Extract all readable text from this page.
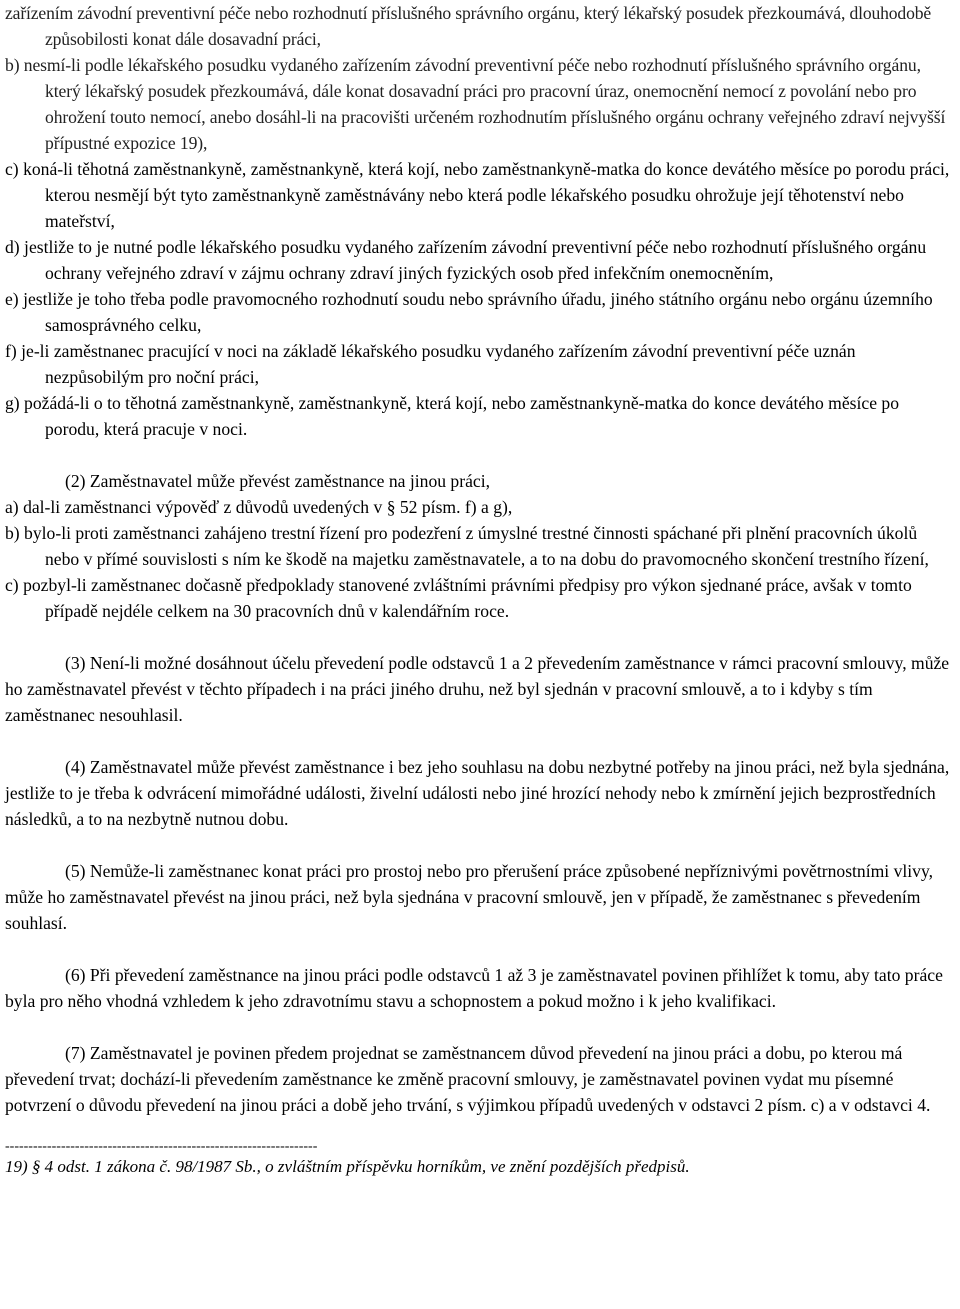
zařízením závodní preventivní péče nebo rozhodnutí příslušného správního orgánu, který lékařský posudek přezkoumává, dlouhodobě způsobilosti konat dále dosavadní práci,

b) nesmí-li podle lékařského posudku vydaného zařízením závodní preventivní péče nebo rozhodnutí příslušného správního orgánu, který lékařský posudek přezkoumává, dále konat dosavadní práci pro pracovní úraz, onemocnění nemocí z povolání nebo pro ohrožení touto nemocí, anebo dosáhl-li na pracovišti určeném rozhodnutím příslušného orgánu ochrany veřejného zdraví nejvyšší přípustné expozice 19),

c) koná-li těhotná zaměstnankyně, zaměstnankyně, která kojí, nebo zaměstnankyně-matka do konce devátého měsíce po porodu práci, kterou nesmějí být tyto zaměstnankyně zaměstnávány nebo která podle lékařského posudku ohrožuje její těhotenství nebo mateřství,

d) jestliže to je nutné podle lékařského posudku vydaného zařízením závodní preventivní péče nebo rozhodnutí příslušného orgánu ochrany veřejného zdraví v zájmu ochrany zdraví jiných fyzických osob před infekčním onemocněním,

e) jestliže je toho třeba podle pravomocného rozhodnutí soudu nebo správního úřadu, jiného státního orgánu nebo orgánu územního samosprávného celku,

f) je-li zaměstnanec pracující v noci na základě lékařského posudku vydaného zařízením závodní preventivní péče uznán nezpůsobilým pro noční práci,

g) požádá-li o to těhotná zaměstnankyně, zaměstnankyně, která kojí, nebo zaměstnankyně-matka do konce devátého měsíce po porodu, která pracuje v noci.

(2) Zaměstnavatel může převést zaměstnance na jinou práci,

a) dal-li zaměstnanci výpověď z důvodů uvedených v § 52 písm. f) a g),

b) bylo-li proti zaměstnanci zahájeno trestní řízení pro podezření z úmyslné trestné činnosti spáchané při plnění pracovních úkolů nebo v přímé souvislosti s ním ke škodě na majetku zaměstnavatele, a to na dobu do pravomocného skončení trestního řízení,

c) pozbyl-li zaměstnanec dočasně předpoklady stanovené zvláštními právními předpisy pro výkon sjednané práce, avšak v tomto případě nejdéle celkem na 30 pracovních dnů v kalendářním roce.

(3) Není-li možné dosáhnout účelu převedení podle odstavců 1 a 2 převedením zaměstnance v rámci pracovní smlouvy, může ho zaměstnavatel převést v těchto případech i na práci jiného druhu, než byl sjednán v pracovní smlouvě, a to i kdyby s tím zaměstnanec nesouhlasil.

(4) Zaměstnavatel může převést zaměstnance i bez jeho souhlasu na dobu nezbytné potřeby na jinou práci, než byla sjednána, jestliže to je třeba k odvrácení mimořádné události, živelní události nebo jiné hrozící nehody nebo k zmírnění jejich bezprostředních následků, a to na nezbytně nutnou dobu.

(5) Nemůže-li zaměstnanec konat práci pro prostoj nebo pro přerušení práce způsobené nepříznivými povětrnostními vlivy, může ho zaměstnavatel převést na jinou práci, než byla sjednána v pracovní smlouvě, jen v případě, že zaměstnanec s převedením souhlasí.

(6) Při převedení zaměstnance na jinou práci podle odstavců 1 až 3 je zaměstnavatel povinen přihlížet k tomu, aby tato práce byla pro něho vhodná vzhledem k jeho zdravotnímu stavu a schopnostem a pokud možno i k jeho kvalifikaci.

(7) Zaměstnavatel je povinen předem projednat se zaměstnancem důvod převedení na jinou práci a dobu, po kterou má převedení trvat; dochází-li převedením zaměstnance ke změně pracovní smlouvy, je zaměstnavatel povinen vydat mu písemné potvrzení o důvodu převedení na jinou práci a době jeho trvání, s výjimkou případů uvedených v odstavci 2 písm. c) a v odstavci 4.

-------------------------------------------------------------------

19) § 4 odst. 1 zákona č. 98/1987 Sb., o zvláštním příspěvku horníkům, ve znění pozdějších předpisů.
